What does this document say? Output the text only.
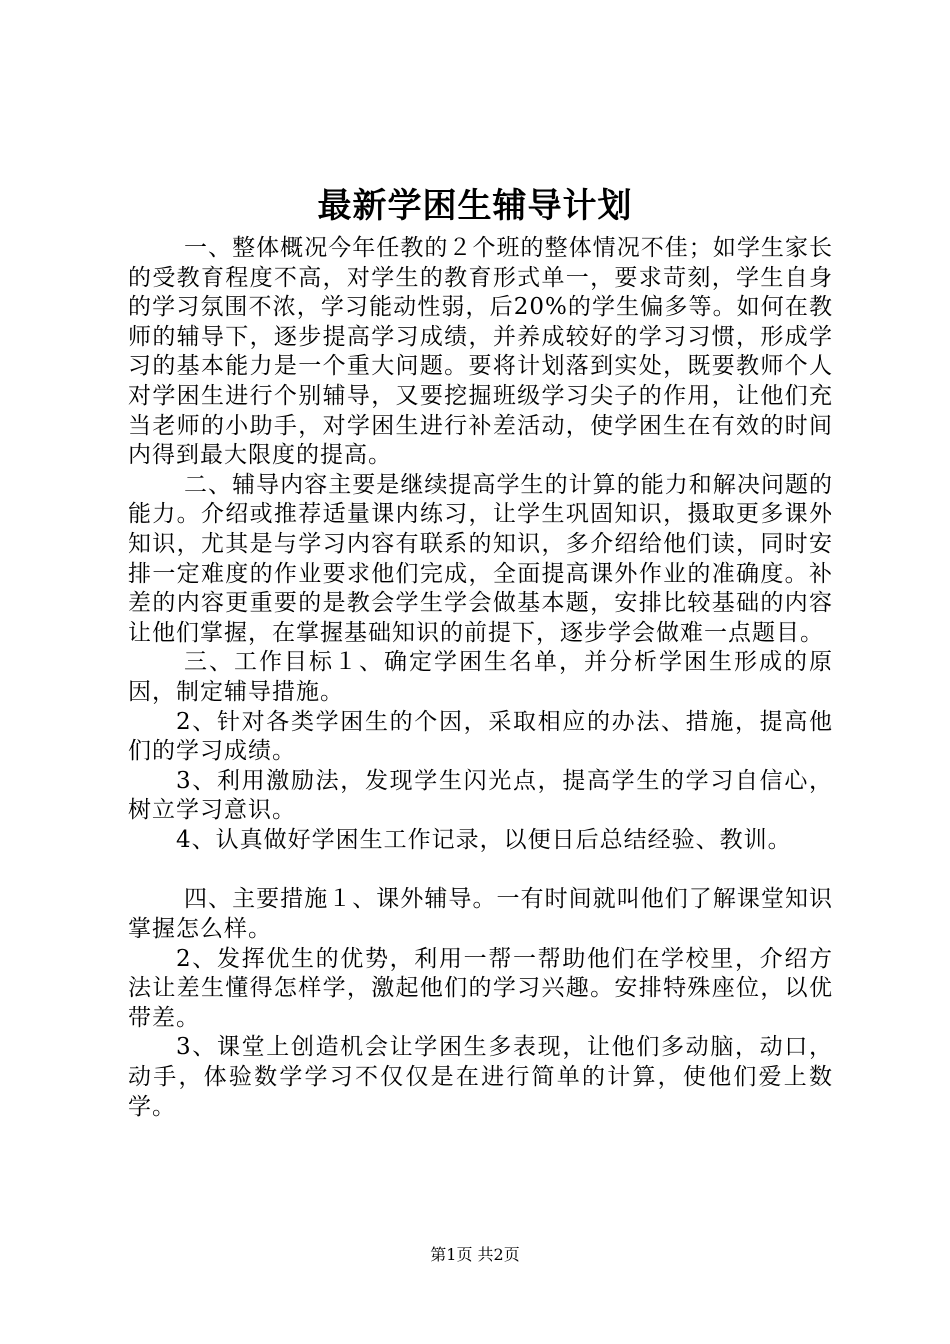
最新学困生辅导计划

一、整体概况今年任教的２个班的整体情况不佳；如学生家长的受教育程度不高，对学生的教育形式单一，要求苛刻，学生自身的学习氛围不浓，学习能动性弱，后20%的学生偏多等。如何在教师的辅导下，逐步提高学习成绩，并养成较好的学习习惯，形成学习的基本能力是一个重大问题。要将计划落到实处，既要教师个人对学困生进行个别辅导，又要挖掘班级学习尖子的作用，让他们充当老师的小助手，对学困生进行补差活动，使学困生在有效的时间内得到最大限度的提高。

二、辅导内容主要是继续提高学生的计算的能力和解决问题的能力。介绍或推荐适量课内练习，让学生巩固知识，摄取更多课外知识，尤其是与学习内容有联系的知识，多介绍给他们读，同时安排一定难度的作业要求他们完成，全面提高课外作业的准确度。补差的内容更重要的是教会学生学会做基本题，安排比较基础的内容让他们掌握，在掌握基础知识的前提下，逐步学会做难一点题目。

三、工作目标１、确定学困生名单，并分析学困生形成的原因，制定辅导措施。

2、针对各类学困生的个因，采取相应的办法、措施，提高他们的学习成绩。

3、利用激励法，发现学生闪光点，提高学生的学习自信心，树立学习意识。

4、认真做好学困生工作记录，以便日后总结经验、教训。

四、主要措施１、课外辅导。一有时间就叫他们了解课堂知识掌握怎么样。

2、发挥优生的优势，利用一帮一帮助他们在学校里，介绍方法让差生懂得怎样学，激起他们的学习兴趣。安排特殊座位，以优带差。

3、课堂上创造机会让学困生多表现，让他们多动脑，动口，动手，体验数学学习不仅仅是在进行简单的计算，使他们爱上数学。

第1页 共2页
